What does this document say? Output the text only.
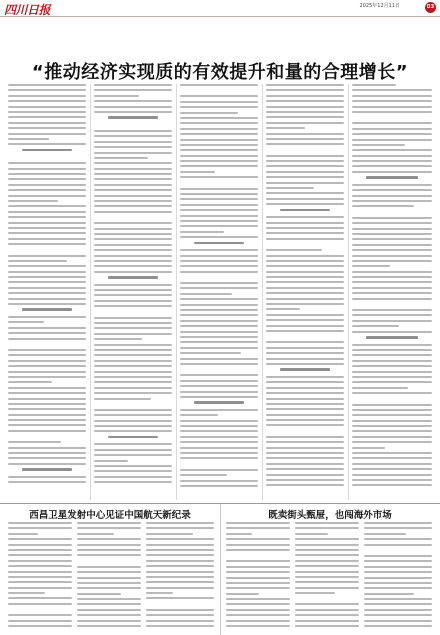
四川日报	2025年12月11日	03
“推动经济实现质的有效提升和量的合理增长”
西昌卫星发射中心见证中国航天新纪录	既卖街头甄屉，也闯海外市场
